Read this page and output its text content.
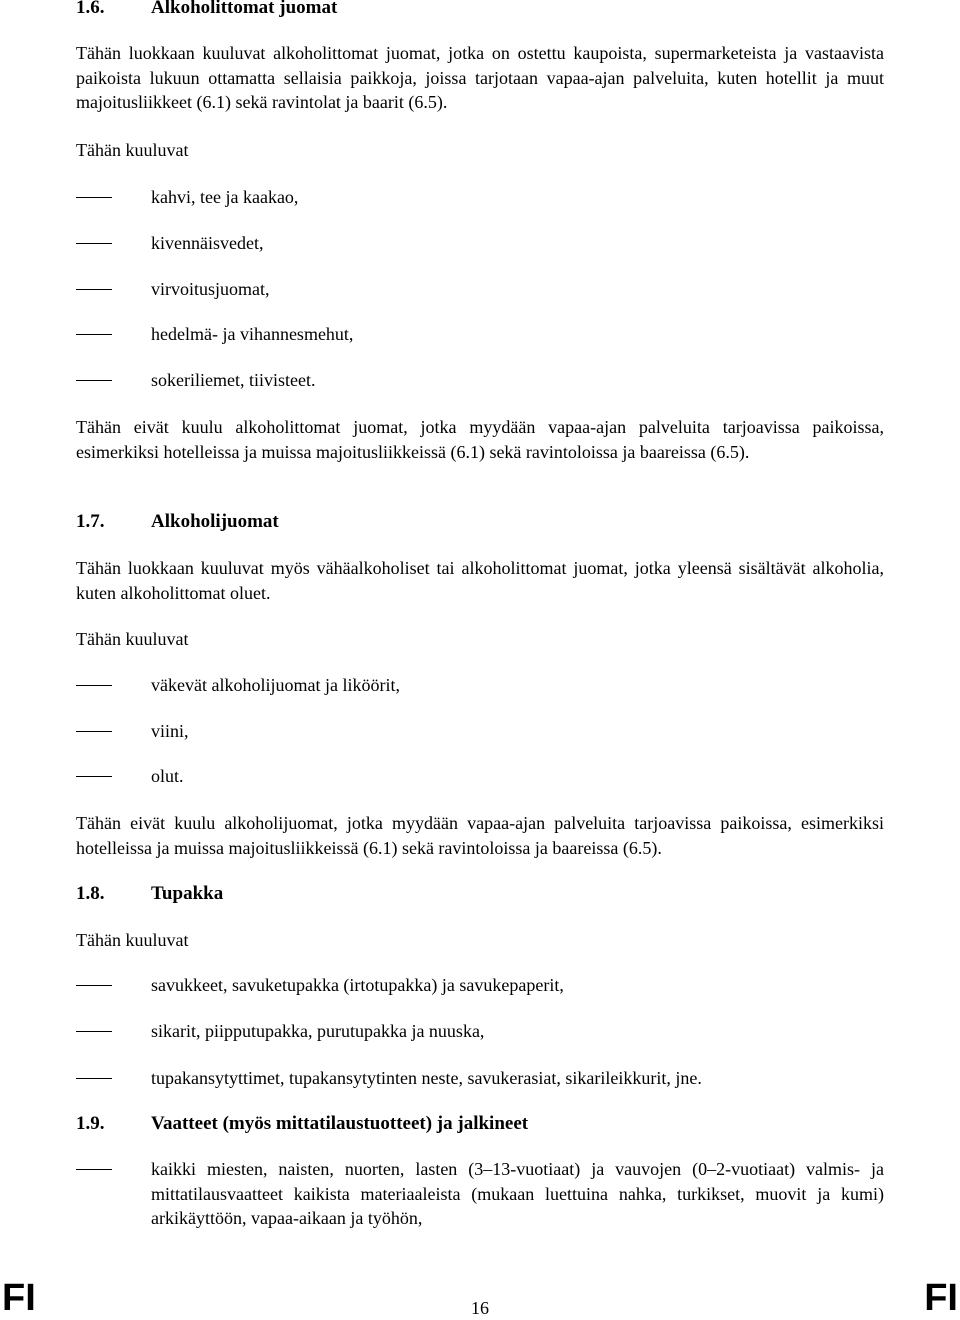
1.6. Alkoholittomat juomat
Tähän luokkaan kuuluvat alkoholittomat juomat, jotka on ostettu kaupoista, supermarketeista ja vastaavista paikoista lukuun ottamatta sellaisia paikkoja, joissa tarjotaan vapaa-ajan palveluita, kuten hotellit ja muut majoitusliikkeet (6.1) sekä ravintolat ja baarit (6.5).
Tähän kuuluvat
kahvi, tee ja kaakao,
kivennäisvedet,
virvoitusjuomat,
hedelmä- ja vihannesmehut,
sokeriliemet, tiivisteet.
Tähän eivät kuulu alkoholittomat juomat, jotka myydään vapaa-ajan palveluita tarjoavissa paikoissa, esimerkiksi hotelleissa ja muissa majoitusliikkeissä (6.1) sekä ravintoloissa ja baareissa (6.5).
1.7. Alkoholijuomat
Tähän luokkaan kuuluvat myös vähäalkoholiset tai alkoholittomat juomat, jotka yleensä sisältävät alkoholia, kuten alkoholittomat oluet.
Tähän kuuluvat
väkevät alkoholijuomat ja liköörit,
viini,
olut.
Tähän eivät kuulu alkoholijuomat, jotka myydään vapaa-ajan palveluita tarjoavissa paikoissa, esimerkiksi hotelleissa ja muissa majoitusliikkeissä (6.1) sekä ravintoloissa ja baareissa (6.5).
1.8. Tupakka
Tähän kuuluvat
savukkeet, savuketupakka (irtotupakka) ja savukepaperit,
sikarit, piipputupakka, purutupakka ja nuuska,
tupakansytyttimet, tupakansytytinten neste, savukerasiat, sikarileikkurit, jne.
1.9. Vaatteet (myös mittatilaustuotteet) ja jalkineet
kaikki miesten, naisten, nuorten, lasten (3–13-vuotiaat) ja vauvojen (0–2-vuotiaat) valmis- ja mittatilausvaatteet kaikista materiaaleista (mukaan luettuina nahka, turkikset, muovit ja kumi) arkikäyttöön, vapaa-aikaan ja työhön,
FI	16	FI
